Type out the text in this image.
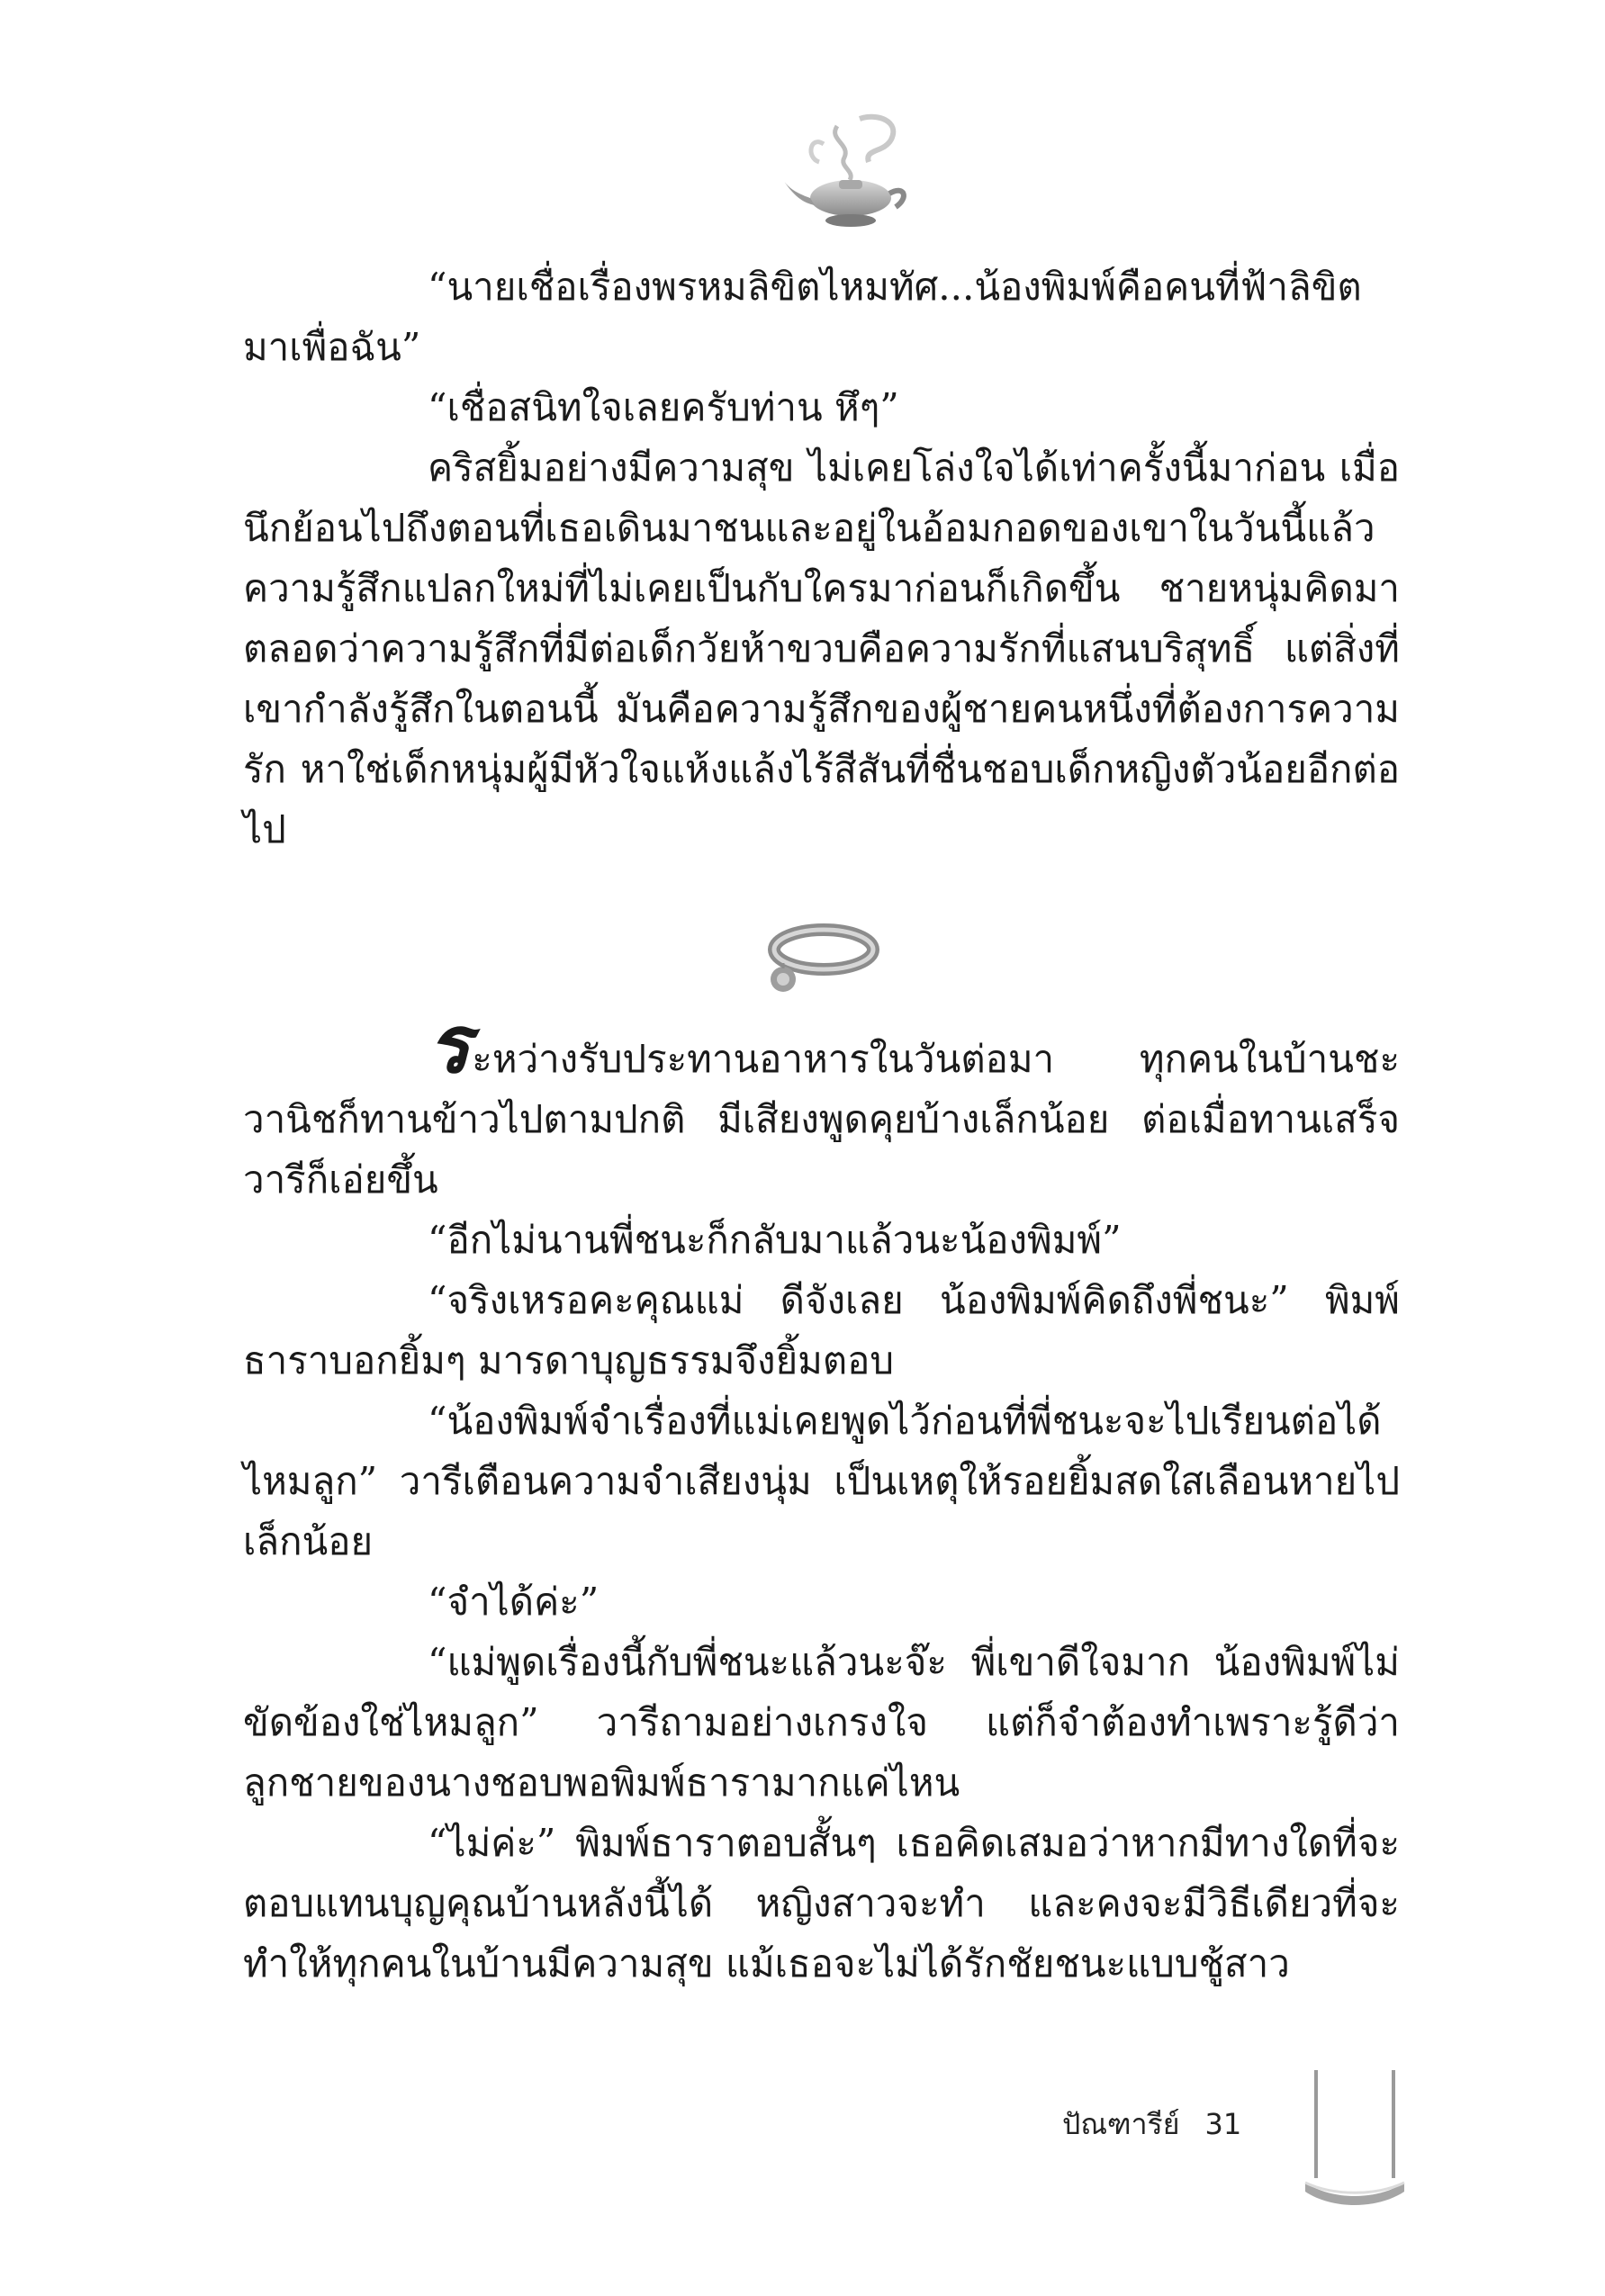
“นายเชื่อเรื่องพรหมลิขิตไหมทัศ...น้องพิมพ์คือคนที่ฟ้าลิขิตมาเพื่อฉัน”

“เชื่อสนิทใจเลยครับท่าน หึๆ”

คริสยิ้มอย่างมีความสุข ไม่เคยโล่งใจได้เท่าครั้งนี้มาก่อน เมื่อนึกย้อนไปถึงตอนที่เธอเดินมาชนและอยู่ในอ้อมกอดของเขาในวันนี้แล้ว ความรู้สึกแปลกใหม่ที่ไม่เคยเป็นกับใครมาก่อนก็เกิดขึ้น ชายหนุ่มคิดมาตลอดว่าความรู้สึกที่มีต่อเด็กวัยห้าขวบคือความรักที่แสนบริสุทธิ์ แต่สิ่งที่เขากำลังรู้สึกในตอนนี้ มันคือความรู้สึกของผู้ชายคนหนึ่งที่ต้องการความรัก หาใช่เด็กหนุ่มผู้มีหัวใจแห้งแล้งไร้สีสันที่ชื่นชอบเด็กหญิงตัวน้อยอีกต่อไป

ระหว่างรับประทานอาหารในวันต่อมา ทุกคนในบ้านชะวานิชก็ทานข้าวไปตามปกติ มีเสียงพูดคุยบ้างเล็กน้อย ต่อเมื่อทานเสร็จวารีก็เอ่ยขึ้น

“อีกไม่นานพี่ชนะก็กลับมาแล้วนะน้องพิมพ์”

“จริงเหรอคะคุณแม่ ดีจังเลย น้องพิมพ์คิดถึงพี่ชนะ” พิมพ์ธาราบอกยิ้มๆ มารดาบุญธรรมจึงยิ้มตอบ

“น้องพิมพ์จำเรื่องที่แม่เคยพูดไว้ก่อนที่พี่ชนะจะไปเรียนต่อได้ไหมลูก” วารีเตือนความจำเสียงนุ่ม เป็นเหตุให้รอยยิ้มสดใสเลือนหายไปเล็กน้อย

“จำได้ค่ะ”

“แม่พูดเรื่องนี้กับพี่ชนะแล้วนะจ๊ะ พี่เขาดีใจมาก น้องพิมพ์ไม่ขัดข้องใช่ไหมลูก” วารีถามอย่างเกรงใจ แต่ก็จำต้องทำเพราะรู้ดีว่าลูกชายของนางชอบพอพิมพ์ธารามากแค่ไหน

“ไม่ค่ะ” พิมพ์ธาราตอบสั้นๆ เธอคิดเสมอว่าหากมีทางใดที่จะตอบแทนบุญคุณบ้านหลังนี้ได้ หญิงสาวจะทำ และคงจะมีวิธีเดียวที่จะทำให้ทุกคนในบ้านมีความสุข แม้เธอจะไม่ได้รักชัยชนะแบบชู้สาว

ปัณฑารีย์ 31
